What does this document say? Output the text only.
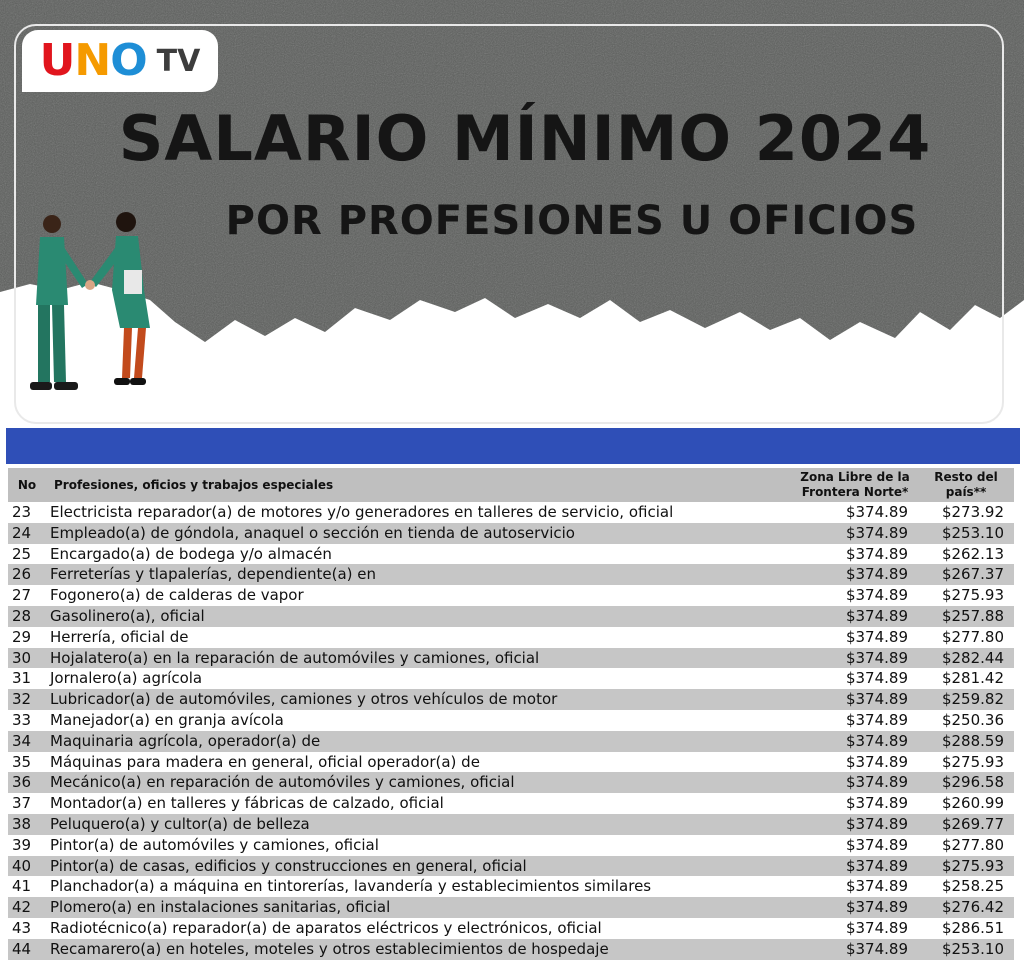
UNO TV
SALARIO MÍNIMO 2024
POR PROFESIONES U OFICIOS
No	Profesiones, oficios y trabajos especiales	Zona Libre de la Frontera Norte*	Resto del país**
23	Electricista reparador(a) de motores y/o generadores en talleres de servicio, oficial	$374.89	$273.92
24	Empleado(a) de góndola, anaquel o sección en tienda de autoservicio	$374.89	$253.10
25	Encargado(a) de bodega y/o almacén	$374.89	$262.13
26	Ferreterías y tlapalerías, dependiente(a) en	$374.89	$267.37
27	Fogonero(a) de calderas de vapor	$374.89	$275.93
28	Gasolinero(a), oficial	$374.89	$257.88
29	Herrería, oficial de	$374.89	$277.80
30	Hojalatero(a) en la reparación de automóviles y camiones, oficial	$374.89	$282.44
31	Jornalero(a) agrícola	$374.89	$281.42
32	Lubricador(a) de automóviles, camiones y otros vehículos de motor	$374.89	$259.82
33	Manejador(a) en granja avícola	$374.89	$250.36
34	Maquinaria agrícola, operador(a) de	$374.89	$288.59
35	Máquinas para madera en general, oficial operador(a) de	$374.89	$275.93
36	Mecánico(a) en reparación de automóviles y camiones, oficial	$374.89	$296.58
37	Montador(a) en talleres y fábricas de calzado, oficial	$374.89	$260.99
38	Peluquero(a) y cultor(a) de belleza	$374.89	$269.77
39	Pintor(a) de automóviles y camiones, oficial	$374.89	$277.80
40	Pintor(a) de casas, edificios y construcciones en general, oficial	$374.89	$275.93
41	Planchador(a) a máquina en tintorerías, lavandería y establecimientos similares	$374.89	$258.25
42	Plomero(a) en instalaciones sanitarias, oficial	$374.89	$276.42
43	Radiotécnico(a) reparador(a) de aparatos eléctricos y electrónicos, oficial	$374.89	$286.51
44	Recamarero(a) en hoteles, moteles y otros establecimientos de hospedaje	$374.89	$253.10
